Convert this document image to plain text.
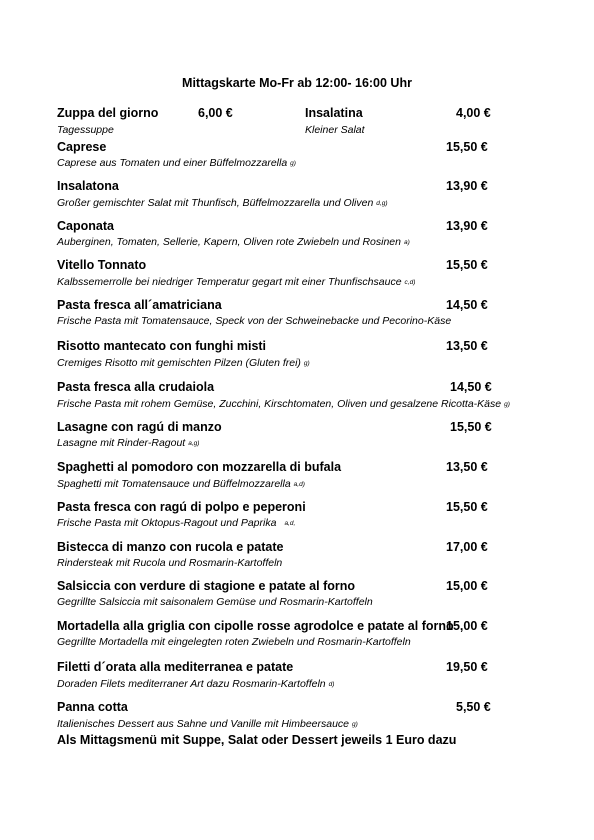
Mittagskarte Mo-Fr ab 12:00- 16:00 Uhr
Zuppa del giorno	6,00 €
Tagessuppe
Insalatina	4,00 €
Kleiner Salat
Caprese	15,50 €
Caprese aus Tomaten und einer Büffelmozzarella g)
Insalatona	13,90 €
Großer gemischter Salat mit Thunfisch, Büffelmozzarella und Oliven d,g)
Caponata	13,90 €
Auberginen, Tomaten, Sellerie, Kapern, Oliven rote Zwiebeln und Rosinen a)
Vitello Tonnato	15,50 €
Kalbssemerrolle bei niedriger Temperatur gegart mit einer Thunfischsauce c,d)
Pasta fresca all´amatriciana	14,50 €
Frische Pasta mit Tomatensauce, Speck von der Schweinebacke und Pecorino-Käse
Risotto mantecato con funghi misti	13,50 €
Cremiges Risotto mit gemischten Pilzen (Gluten frei) g)
Pasta fresca alla crudaiola	14,50 €
Frische Pasta mit rohem Gemüse, Zucchini, Kirschtomaten, Oliven und gesalzene Ricotta-Käse g)
Lasagne con ragú di manzo	15,50 €
Lasagne mit Rinder-Ragout a,g)
Spaghetti al pomodoro con mozzarella di bufala	13,50 €
Spaghetti mit Tomatensauce und Büffelmozzarella a,d)
Pasta fresca con ragú di polpo e peperoni	15,50 €
Frische Pasta mit Oktopus-Ragout und Paprika a,d,
Bistecca di manzo con rucola e patate	17,00 €
Rindersteak mit Rucola und Rosmarin-Kartoffeln
Salsiccia con verdure di stagione e patate al forno	15,00 €
Gegrillte Salsiccia mit saisonalem Gemüse und Rosmarin-Kartoffeln
Mortadella alla griglia con cipolle rosse agrodolce e patate al forno
15,00 €
Gegrillte Mortadella mit eingelegten roten Zwiebeln und Rosmarin-Kartoffeln
Filetti d´orata alla mediterranea e patate	19,50 €
Doraden Filets mediterraner Art dazu Rosmarin-Kartoffeln d)
Panna cotta	5,50 €
Italienisches Dessert aus Sahne und Vanille mit Himbeersauce g)
Als Mittagsmenü mit Suppe, Salat oder Dessert jeweils 1 Euro dazu
